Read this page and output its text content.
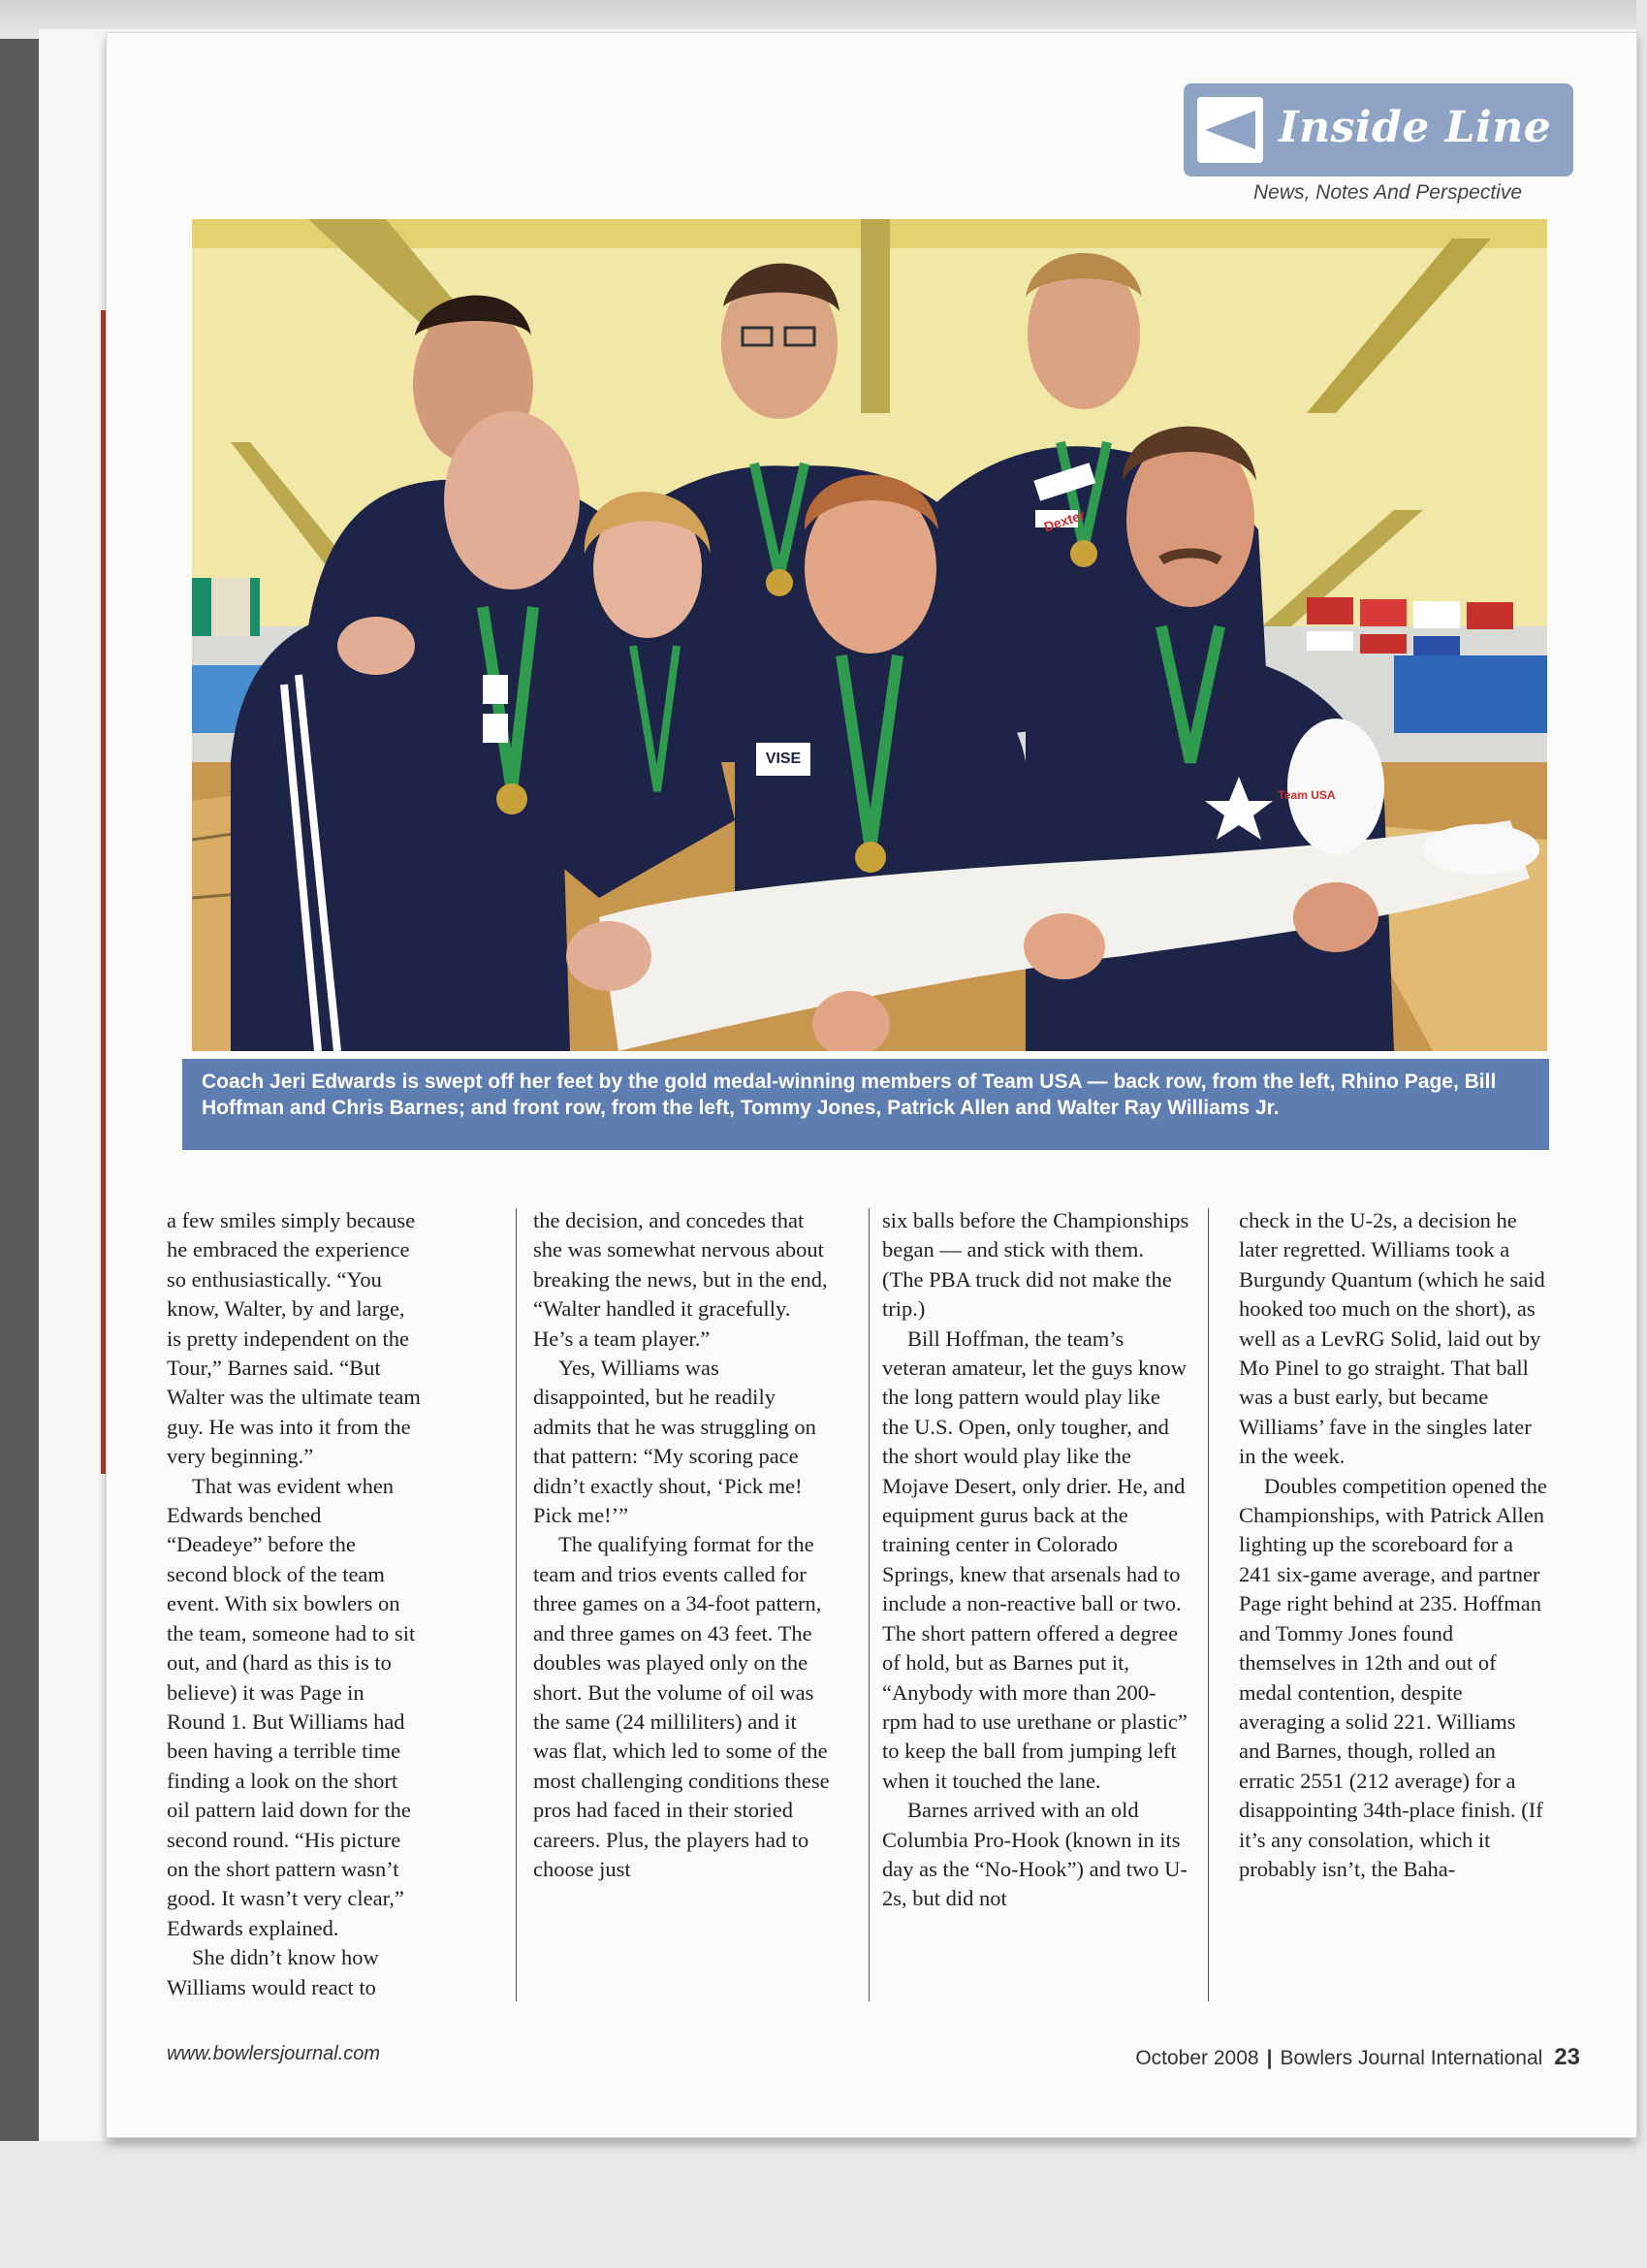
Inside Line
News, Notes And Perspective
VISE
Dexter
Team USA
Coach Jeri Edwards is swept off her feet by the gold medal-winning members of Team USA — back row, from the left, Rhino Page, Bill Hoffman and Chris Barnes; and front row, from the left, Tommy Jones, Patrick Allen and Walter Ray Williams Jr.

a few smiles simply because he embraced the experience so enthusiastically. “You know, Walter, by and large, is pretty independent on the Tour,” Barnes said. “But Walter was the ultimate team guy. He was into it from the very beginning.”

That was evident when Edwards benched “Deadeye” before the second block of the team event. With six bowlers on the team, someone had to sit out, and (hard as this is to believe) it was Page in Round 1. But Williams had been having a terrible time finding a look on the short oil pattern laid down for the second round. “His picture on the short pattern wasn’t good. It wasn’t very clear,” Edwards explained.

She didn’t know how Williams would react to

the decision, and concedes that she was somewhat nervous about breaking the news, but in the end, “Walter handled it gracefully. He’s a team player.”

Yes, Williams was disappointed, but he readily admits that he was struggling on that pattern: “My scoring pace didn’t exactly shout, ‘Pick me! Pick me!’”

The qualifying format for the team and trios events called for three games on a 34-foot pattern, and three games on 43 feet. The doubles was played only on the short. But the volume of oil was the same (24 milliliters) and it was flat, which led to some of the most challenging conditions these pros had faced in their storied careers. Plus, the players had to choose just

six balls before the Championships began — and stick with them. (The PBA truck did not make the trip.)

Bill Hoffman, the team’s veteran amateur, let the guys know the long pattern would play like the U.S. Open, only tougher, and the short would play like the Mojave Desert, only drier. He, and equipment gurus back at the training center in Colorado Springs, knew that arsenals had to include a non-reactive ball or two. The short pattern offered a degree of hold, but as Barnes put it, “Anybody with more than 200-rpm had to use urethane or plastic” to keep the ball from jumping left when it touched the lane.

Barnes arrived with an old Columbia Pro-Hook (known in its day as the “No-Hook”) and two U-2s, but did not

check in the U-2s, a decision he later regretted. Williams took a Burgundy Quantum (which he said hooked too much on the short), as well as a LevRG Solid, laid out by Mo Pinel to go straight. That ball was a bust early, but became Williams’ fave in the singles later in the week.

Doubles competition opened the Championships, with Patrick Allen lighting up the scoreboard for a 241 six-game average, and partner Page right behind at 235. Hoffman and Tommy Jones found themselves in 12th and out of medal contention, despite averaging a solid 221. Williams and Barnes, though, rolled an erratic 2551 (212 average) for a disappointing 34th-place finish. (If it’s any consolation, which it probably isn’t, the Baha-

www.bowlersjournal.com	October 2008 | Bowlers Journal International 23
